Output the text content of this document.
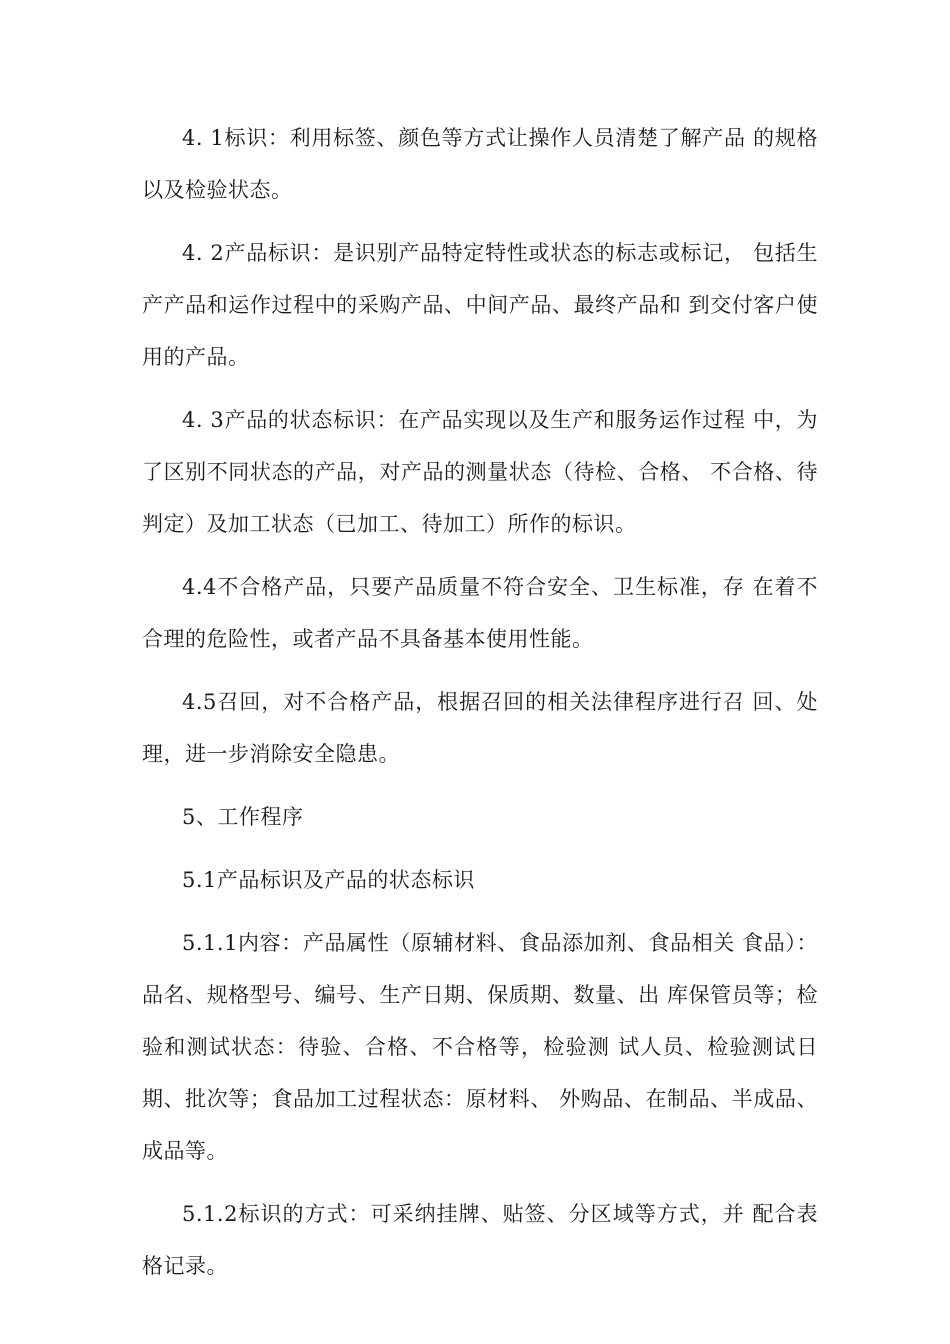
4. 1标识：利用标签、颜色等方式让操作人员清楚了解产品 的规格以及检验状态。

4. 2产品标识：是识别产品特定特性或状态的标志或标记， 包括生产产品和运作过程中的采购产品、中间产品、最终产品和 到交付客户使用的产品。

4. 3产品的状态标识：在产品实现以及生产和服务运作过程 中，为了区别不同状态的产品，对产品的测量状态（待检、合格、 不合格、待判定）及加工状态（已加工、待加工）所作的标识。

4.4不合格产品，只要产品质量不符合安全、卫生标准，存 在着不合理的危险性，或者产品不具备基本使用性能。

4.5召回，对不合格产品，根据召回的相关法律程序进行召 回、处理，进一步消除安全隐患。

5、工作程序

5.1产品标识及产品的状态标识

5.1.1内容：产品属性（原辅材料、食品添加剂、食品相关 食品）：品名、规格型号、编号、生产日期、保质期、数量、出 库保管员等；检验和测试状态：待验、合格、不合格等，检验测 试人员、检验测试日期、批次等；食品加工过程状态：原材料、 外购品、在制品、半成品、成品等。

5.1.2标识的方式：可采纳挂牌、贴签、分区域等方式，并 配合表格记录。
